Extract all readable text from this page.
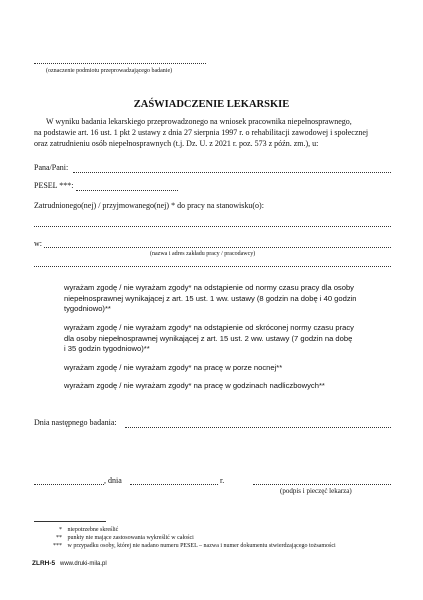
(oznaczenie podmiotu przeprowadzającego badanie)
ZAŚWIADCZENIE LEKARSKIE
W wyniku badania lekarskiego przeprowadzonego na wniosek pracownika niepełnosprawnego,
na podstawie art. 16 ust. 1 pkt 2 ustawy z dnia 27 sierpnia 1997 r. o rehabilitacji zawodowej i społecznej
oraz zatrudnieniu osób niepełnosprawnych (t.j. Dz. U. z 2021 r. poz. 573 z późn. zm.), u:
Pana/Pani:
PESEL ***:
Zatrudnionego(nej) / przyjmowanego(nej) * do pracy na stanowisku(o):
w:
(nazwa i adres zakładu pracy / pracodawcy)
wyrażam zgodę / nie wyrażam zgody* na odstąpienie od normy czasu pracy dla osoby
niepełnosprawnej wynikającej z art. 15 ust. 1 ww. ustawy (8 godzin na dobę i 40 godzin
tygodniowo)**
wyrażam zgodę / nie wyrażam zgody* na odstąpienie od skróconej normy czasu pracy
dla osoby niepełnosprawnej wynikającej z art. 15 ust. 2 ww. ustawy (7 godzin na dobę
i 35 godzin tygodniowo)**
wyrażam zgodę / nie wyrażam zgody* na pracę w porze nocnej**
wyrażam zgodę / nie wyrażam zgody* na pracę w godzinach nadliczbowych**
Dnia następnego badania:
, dnia	r.
(podpis i pieczęć lekarza)
* niepotrzebne skreślić
** punkty nie mające zastosowania wykreślić w całości
*** w przypadku osoby, której nie nadano numeru PESEL – nazwa i numer dokumentu stwierdzającego tożsamości
ZLRH-5 www.druki-mila.pl
